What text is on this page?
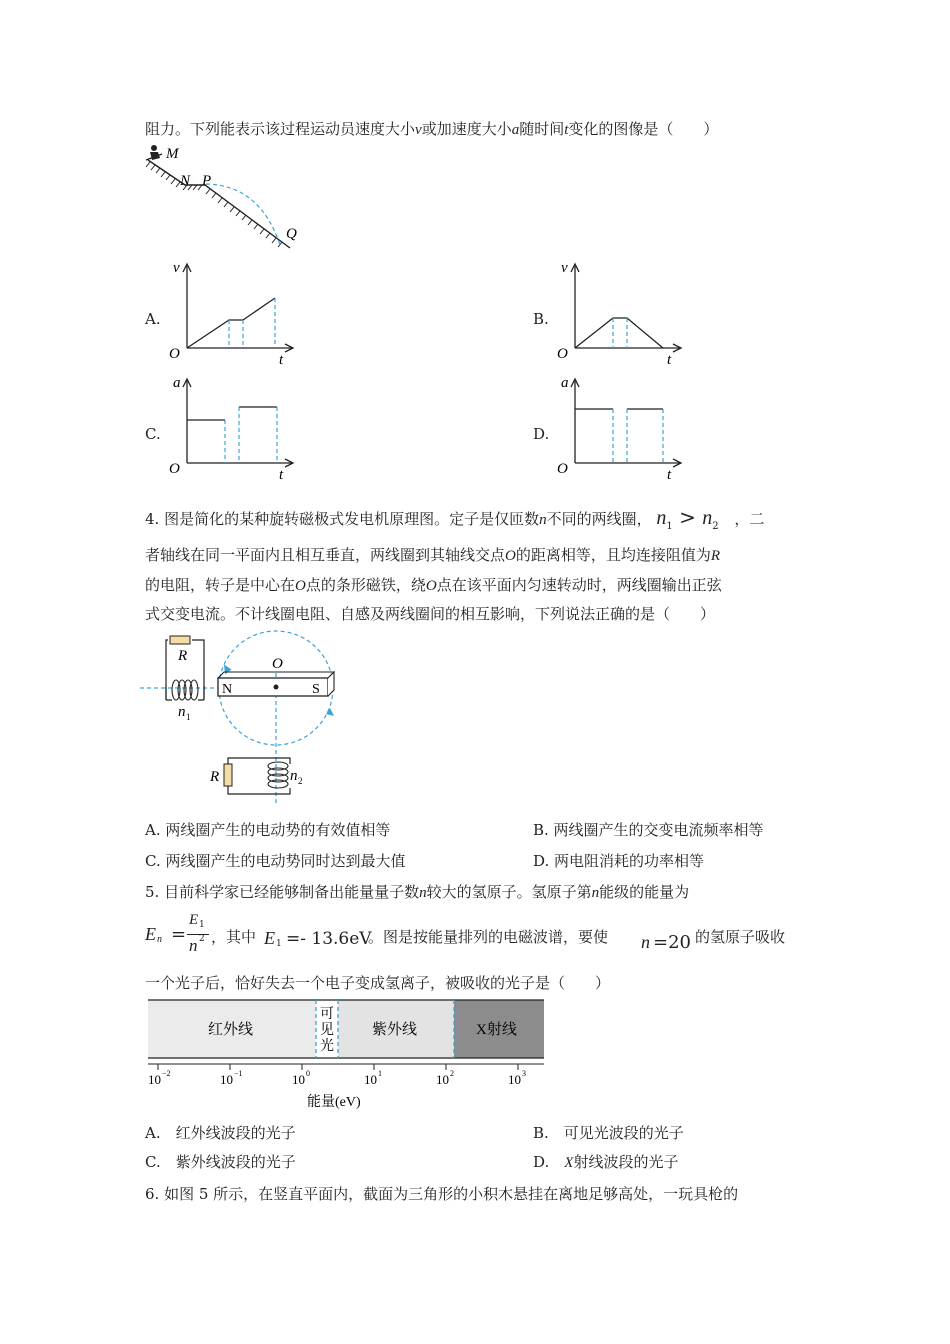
阻力。下列能表示该过程运动员速度大小v或加速度大小a随时间t变化的图像是（　　）
M
N P
Q
A.
v
O	t
B.
v
O	t
C.
a
O	t
D.
a
O	t
4. 图是简化的某种旋转磁极式发电机原理图。定子是仅匝数n不同的两线圈， $n_1 > n_2$ ，二
者轴线在同一平面内且相互垂直，两线圈到其轴线交点O的距离相等，且均连接阻值为R
的电阻，转子是中心在O点的条形磁铁，绕O点在该平面内匀速转动时，两线圈输出正弦
式交变电流。不计线圈电阻、自感及两线圈间的相互影响，下列说法正确的是（　　）
N	S
O
R
n 1
R	n 2
A. 两线圈产生的电动势的有效值相等	B. 两线圈产生的交变电流频率相等
C. 两线圈产生的电动势同时达到最大值	D. 两电阻消耗的功率相等
5. 目前科学家已经能够制备出能量量子数n较大的氢原子。氢原子第n能级的能量为
E n =
E 1
n 2 ，其中 E 1 =- 13.6eV
。图是按能量排列的电磁波谱，要使 n =20 的氢原子吸收
一个光子后，恰好失去一个电子变成氢离子，被吸收的光子是（　　）
红外线
可
见
光
紫外线	X射线
10 −2	10 −1	10 0	10 1	10 2	10 3
能量(eV)
A.　红外线波段的光子	B.　可见光波段的光子
C.　紫外线波段的光子	D.　X射线波段的光子
6. 如图 5 所示，在竖直平面内，截面为三角形的小积木悬挂在离地足够高处，一玩具枪的
